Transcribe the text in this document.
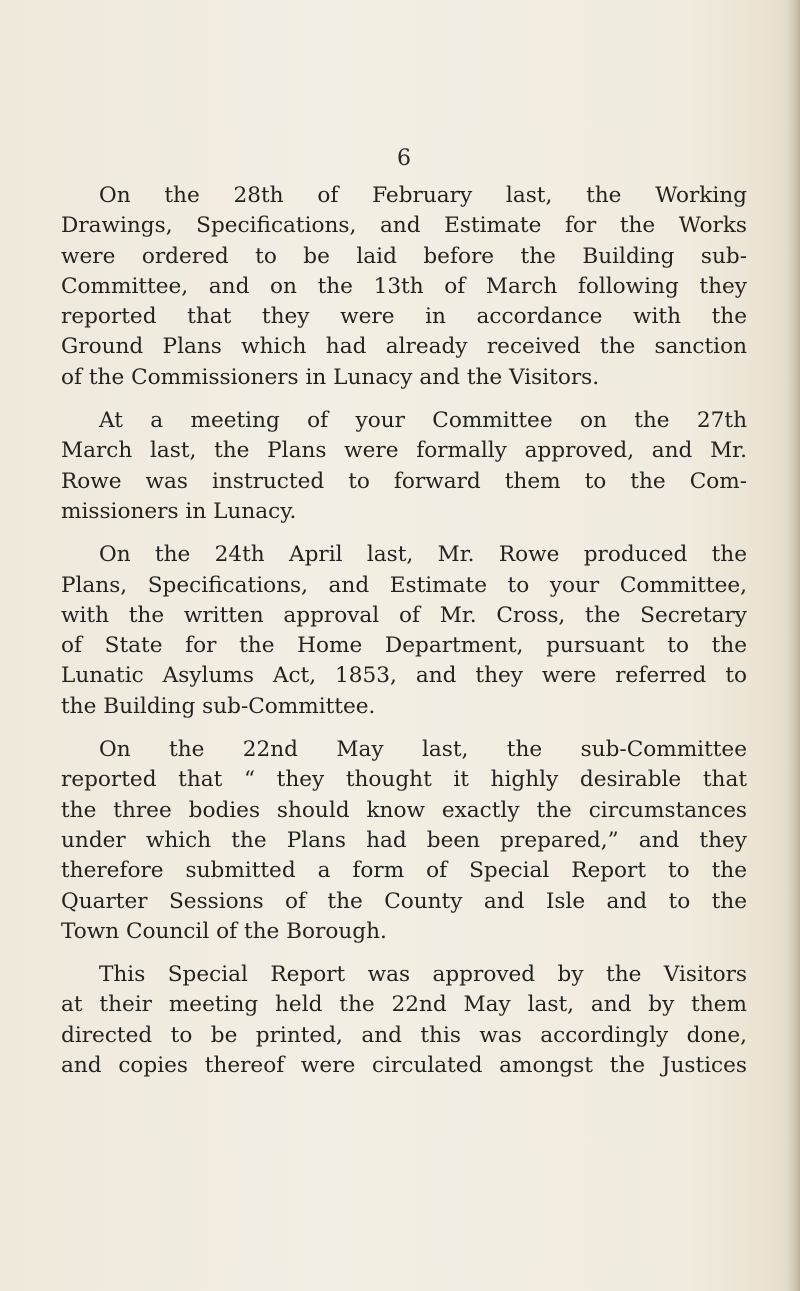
6
On the 28th of February last, the Working
Drawings, Specifications, and Estimate for the Works
were ordered to be laid before the Building sub-
Committee, and on the 13th of March following they
reported that they were in accordance with the
Ground Plans which had already received the sanction
of the Commissioners in Lunacy and the Visitors.
At a meeting of your Committee on the 27th
March last, the Plans were formally approved, and Mr.
Rowe was instructed to forward them to the Com-
missioners in Lunacy.
On the 24th April last, Mr. Rowe produced the
Plans, Specifications, and Estimate to your Committee,
with the written approval of Mr. Cross, the Secretary
of State for the Home Department, pursuant to the
Lunatic Asylums Act, 1853, and they were referred to
the Building sub-Committee.
On the 22nd May last, the sub-Committee
reported that “ they thought it highly desirable that
the three bodies should know exactly the circumstances
under which the Plans had been prepared,” and they
therefore submitted a form of Special Report to the
Quarter Sessions of the County and Isle and to the
Town Council of the Borough.
This Special Report was approved by the Visitors
at their meeting held the 22nd May last, and by them
directed to be printed, and this was accordingly done,
and copies thereof were circulated amongst the Justices
